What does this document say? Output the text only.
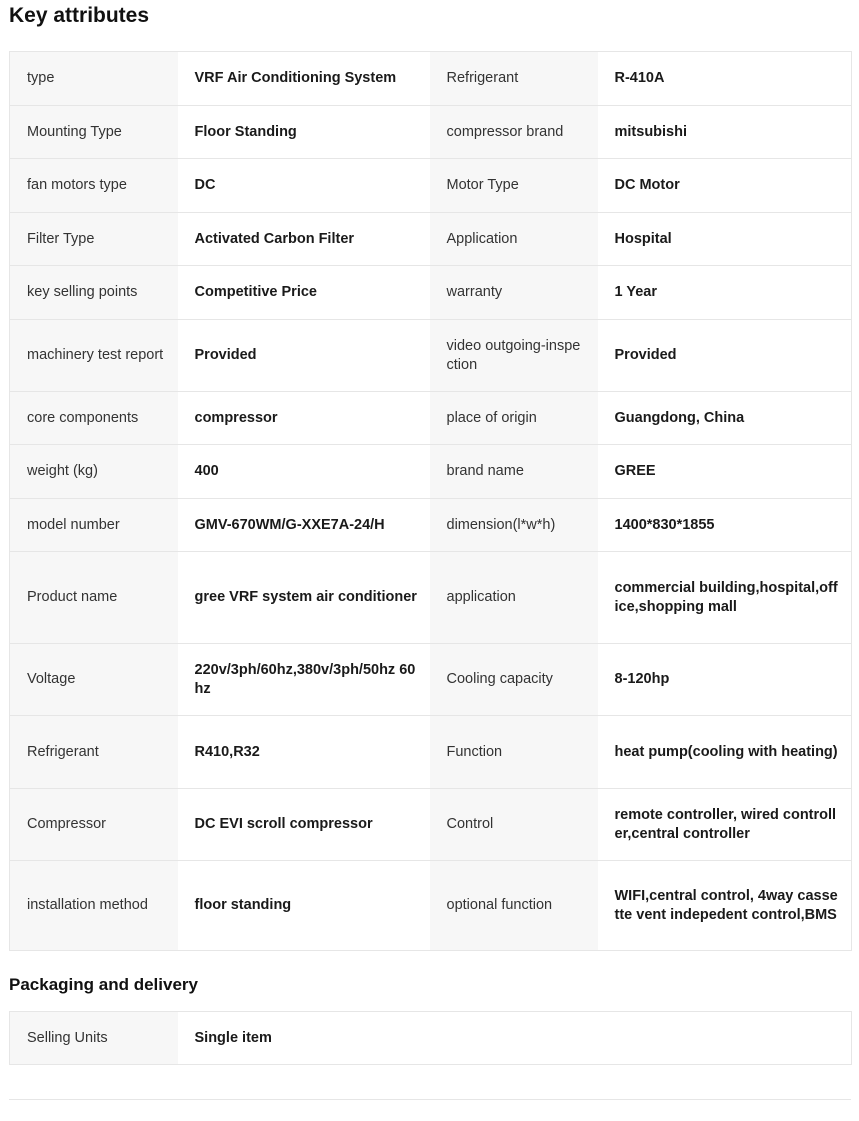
Key attributes
type	VRF Air Conditioning System	Refrigerant	R-410A
Mounting Type	Floor Standing	compressor brand	mitsubishi
fan motors type	DC	Motor Type	DC Motor
Filter Type	Activated Carbon Filter	Application	Hospital
key selling points	Competitive Price	warranty	1 Year
machinery test report	Provided	video outgoing-inspection	Provided
core components	compressor	place of origin	Guangdong, China
weight (kg)	400	brand name	GREE
model number	GMV-670WM/G-XXE7A-24/H	dimension(l*w*h)	1400*830*1855
Product name	gree VRF system air conditioner	application	commercial building,hospital,office,shopping mall
Voltage	220v/3ph/60hz,380v/3ph/50hz 60hz	Cooling capacity	8-120hp
Refrigerant	R410,R32	Function	heat pump(cooling with heating)
Compressor	DC EVI scroll compressor	Control	remote controller, wired controller,central controller
installation method	floor standing	optional function	WIFI,central control, 4way cassette vent indepedent control,BMS
Packaging and delivery
Selling Units	Single item
